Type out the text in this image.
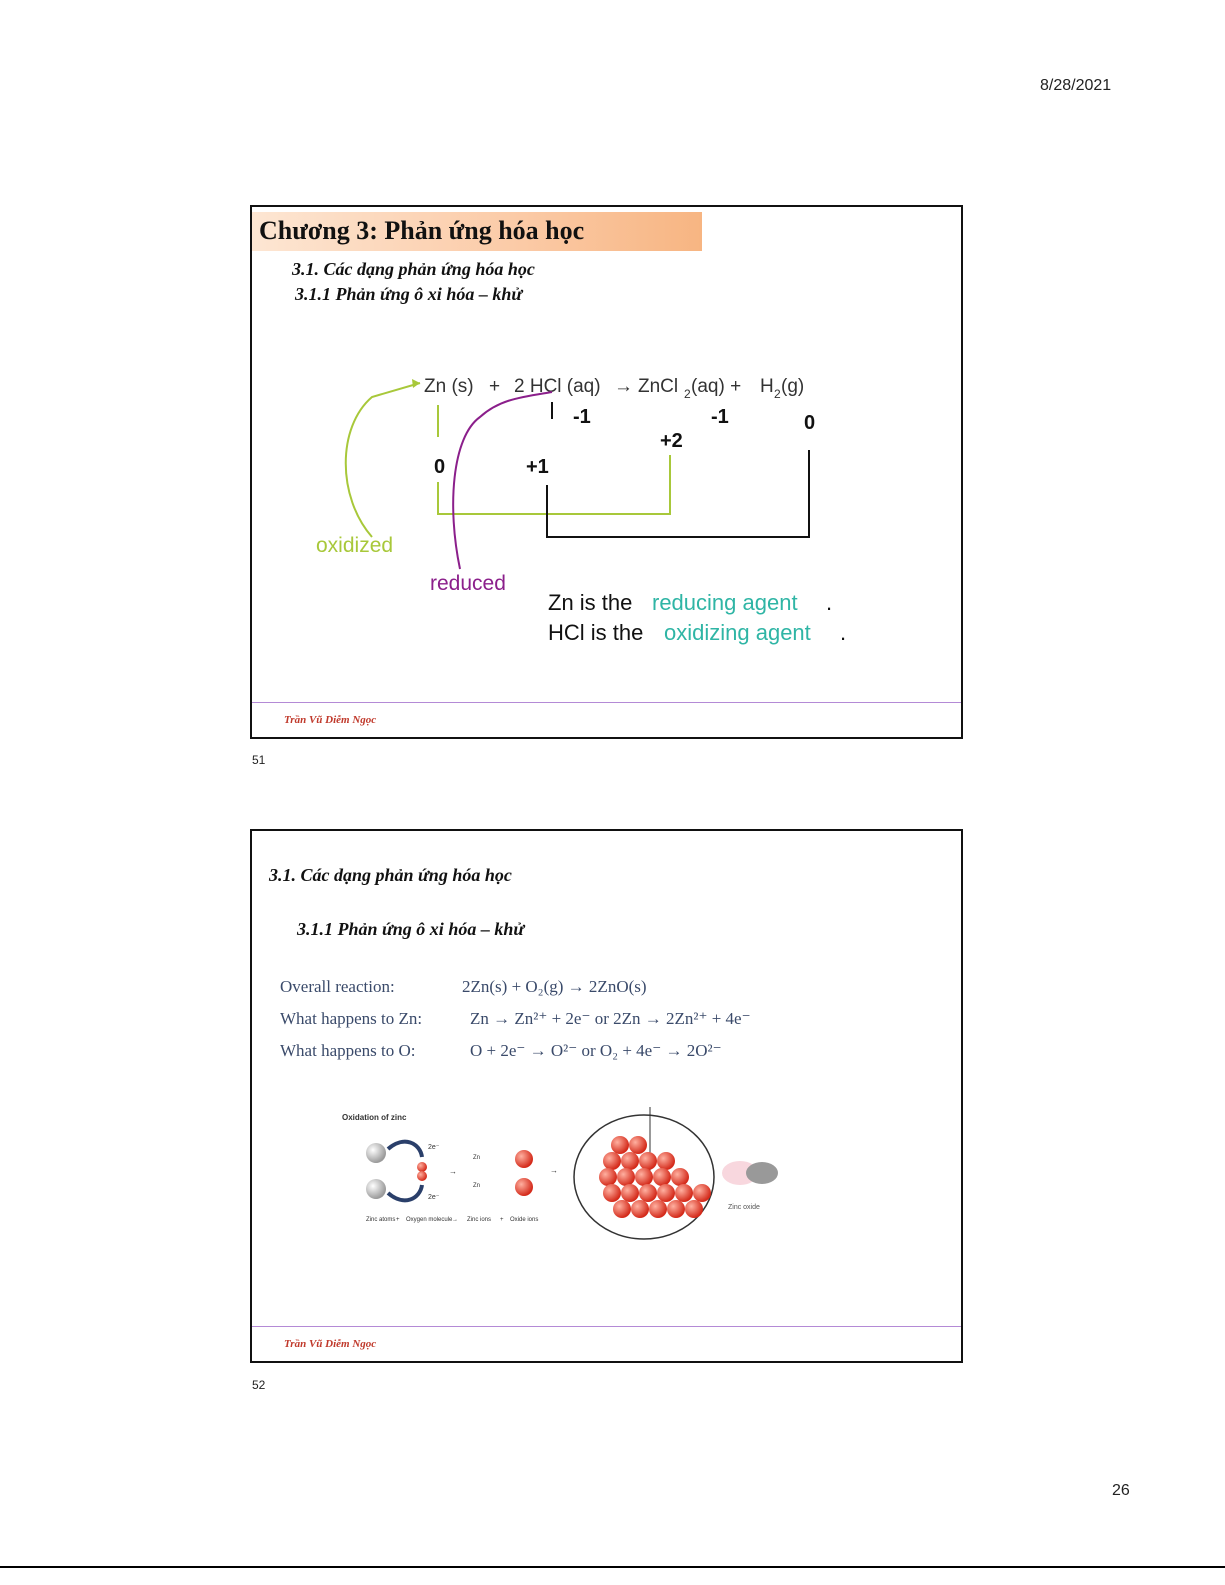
8/28/2021
Chương 3: Phản ứng hóa học
3.1. Các dạng phản ứng hóa học
3.1.1 Phản ứng ô xi hóa – khử
Zn (s) + 2 HCl (aq) → ZnCl 2 (aq) + H 2 (g)
0	+1
-1
+2
-1	0
oxidized
reduced
Zn is the reducing agent .
HCl is the oxidizing agent .
Trần Vũ Diễm Ngọc
51
3.1. Các dạng phản ứng hóa học
3.1.1 Phản ứng ô xi hóa – khử
Overall reaction:	2Zn(s) + O₂(g) → 2ZnO(s)
What happens to Zn:	Zn → Zn²⁺ + 2e⁻ or 2Zn → 2Zn²⁺ + 4e⁻
What happens to O:	O + 2e⁻ → O²⁻ or O₂ + 4e⁻ → 2O²⁻
Oxidation of zinc
2e⁻
2e⁻
→
Zn
Zn
→
Zinc oxide
Zinc atoms + Oxygen molecule → Zinc ions + Oxide ions
Trần Vũ Diễm Ngọc
52
26
